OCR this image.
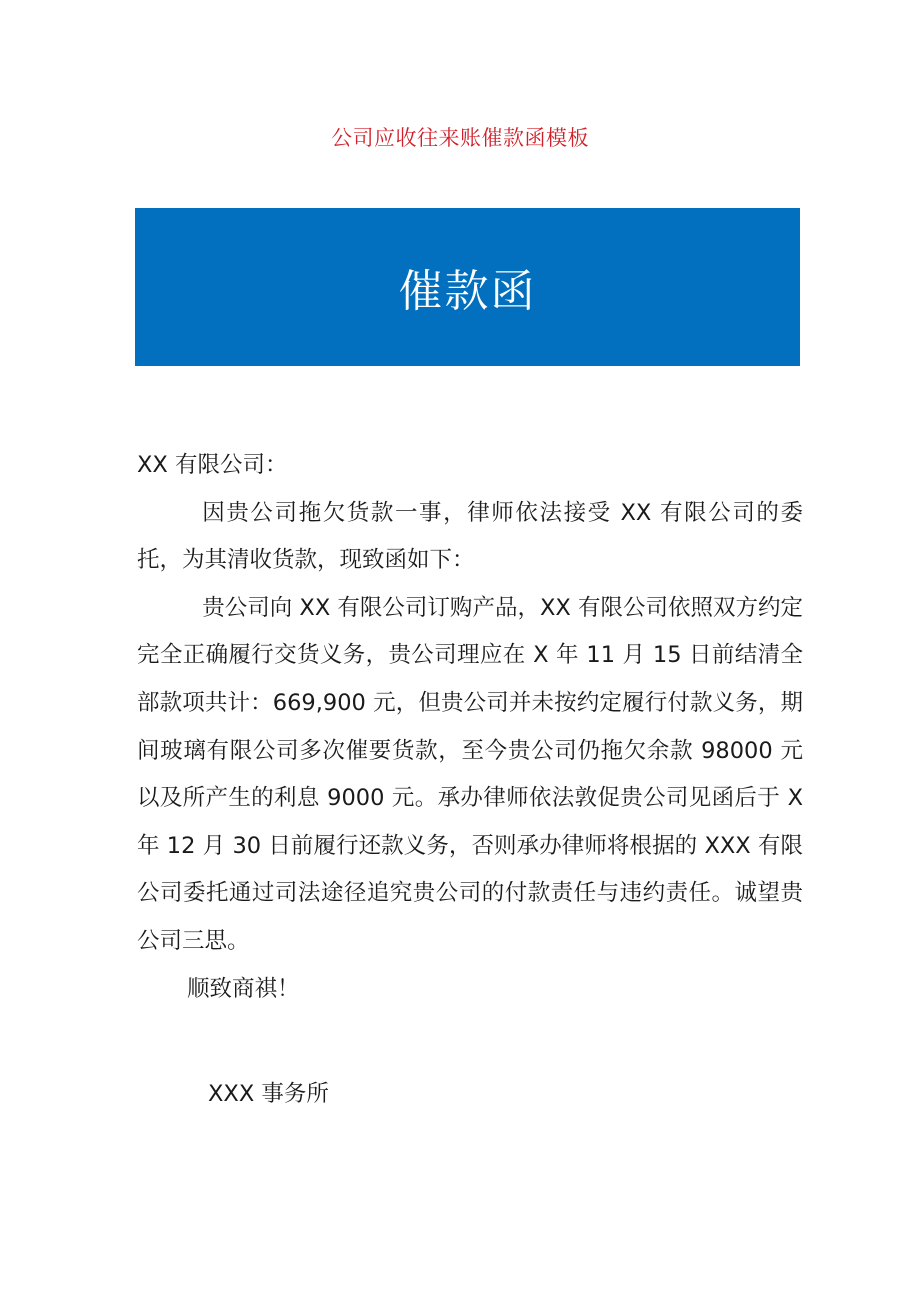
公司应收往来账催款函模板
催款函

XX 有限公司：

因贵公司拖欠货款一事，律师依法接受 XX 有限公司的委托，为其清收货款，现致函如下：

贵公司向 XX 有限公司订购产品，XX 有限公司依照双方约定完全正确履行交货义务，贵公司理应在 X 年 11 月 15 日前结清全部款项共计：669,900 元，但贵公司并未按约定履行付款义务，期间玻璃有限公司多次催要货款，至今贵公司仍拖欠余款 98000 元以及所产生的利息 9000 元。承办律师依法敦促贵公司见函后于 X 年 12 月 30 日前履行还款义务，否则承办律师将根据的 XXX 有限公司委托通过司法途径追究贵公司的付款责任与违约责任。诚望贵公司三思。

顺致商祺！

XXX 事务所
